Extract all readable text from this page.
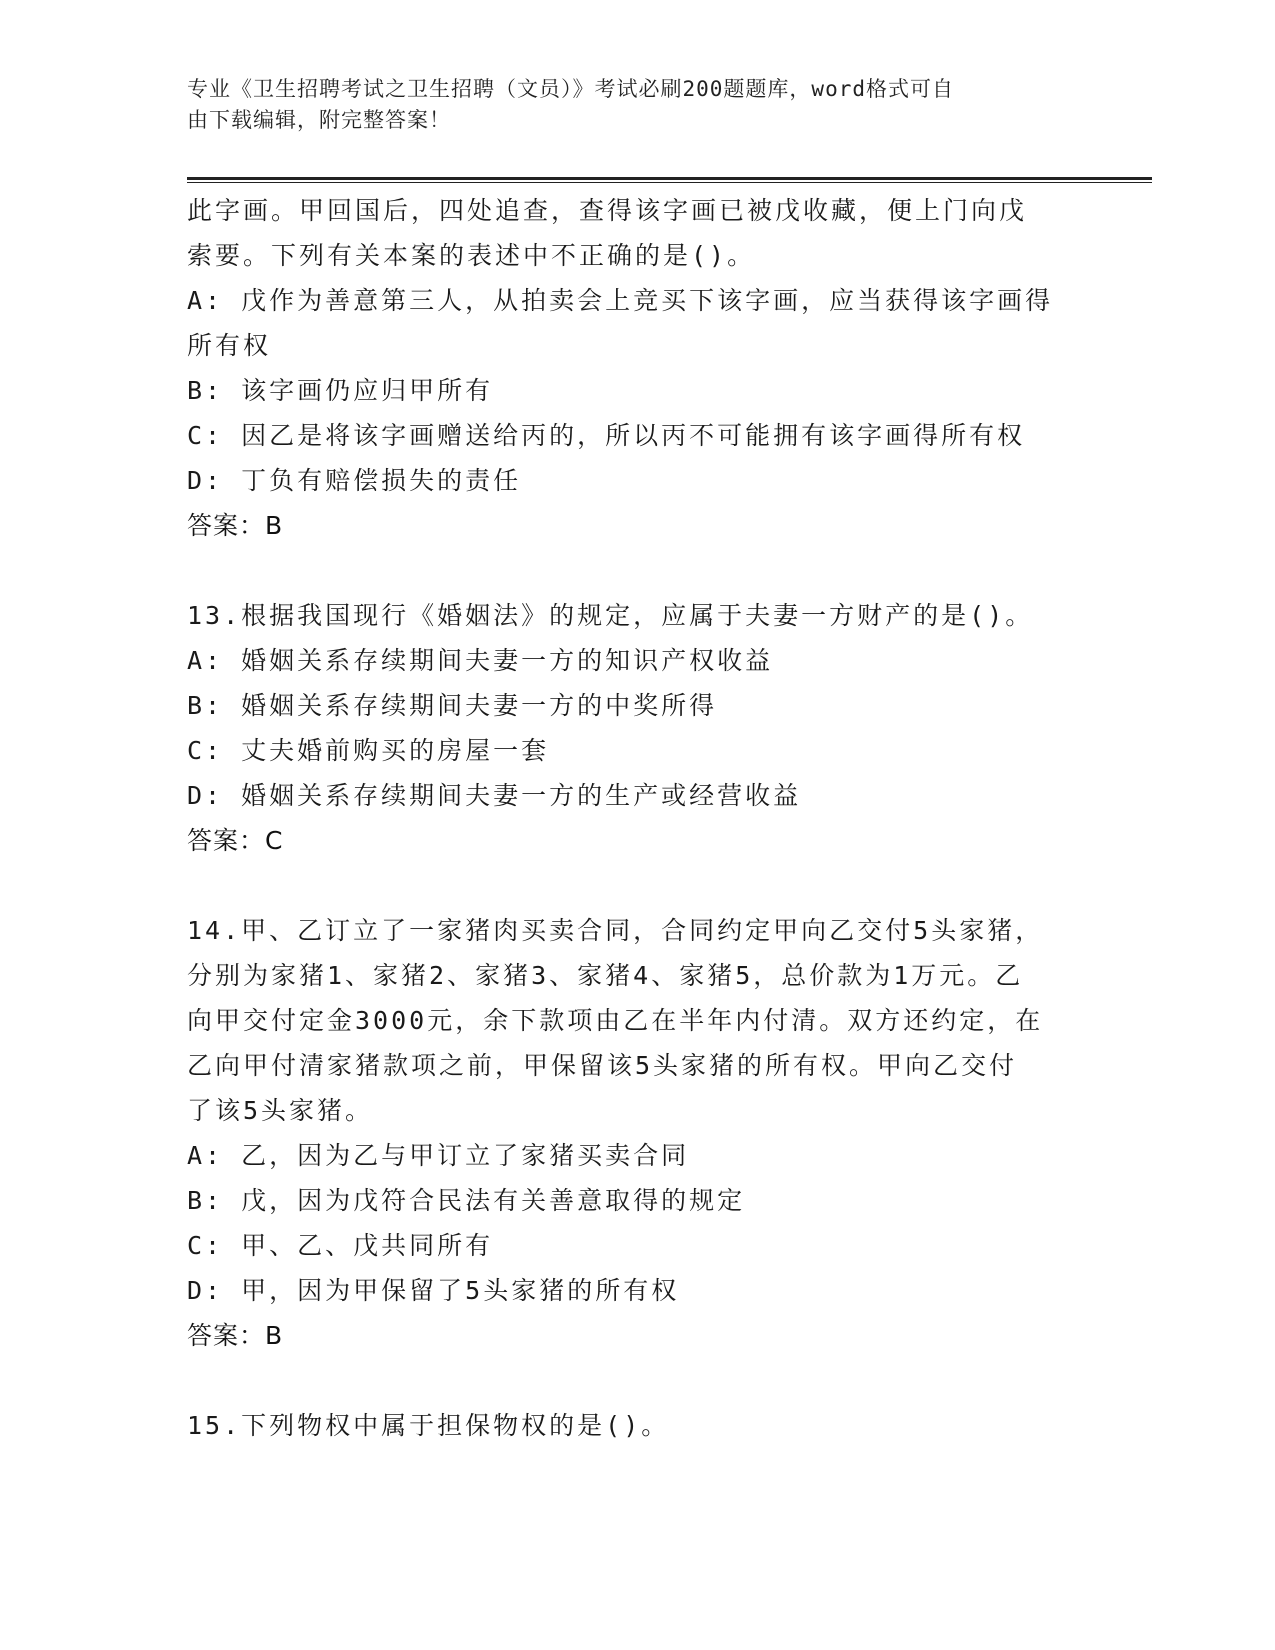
专业《卫生招聘考试之卫生招聘（文员）》考试必刷200题题库，word格式可自
由下载编辑，附完整答案！
此字画。甲回国后，四处追查，查得该字画已被戊收藏，便上门向戊
索要。下列有关本案的表述中不正确的是()。
A: 戊作为善意第三人，从拍卖会上竞买下该字画，应当获得该字画得
所有权
B: 该字画仍应归甲所有
C: 因乙是将该字画赠送给丙的，所以丙不可能拥有该字画得所有权
D: 丁负有赔偿损失的责任
答案：B
13.根据我国现行《婚姻法》的规定，应属于夫妻一方财产的是()。
A: 婚姻关系存续期间夫妻一方的知识产权收益
B: 婚姻关系存续期间夫妻一方的中奖所得
C: 丈夫婚前购买的房屋一套
D: 婚姻关系存续期间夫妻一方的生产或经营收益
答案：C
14.甲、乙订立了一家猪肉买卖合同，合同约定甲向乙交付5头家猪，
分别为家猪1、家猪2、家猪3、家猪4、家猪5，总价款为1万元。乙
向甲交付定金3000元，余下款项由乙在半年内付清。双方还约定，在
乙向甲付清家猪款项之前，甲保留该5头家猪的所有权。甲向乙交付
了该5头家猪。
A: 乙，因为乙与甲订立了家猪买卖合同
B: 戊，因为戊符合民法有关善意取得的规定
C: 甲、乙、戊共同所有
D: 甲，因为甲保留了5头家猪的所有权
答案：B
15.下列物权中属于担保物权的是()。
